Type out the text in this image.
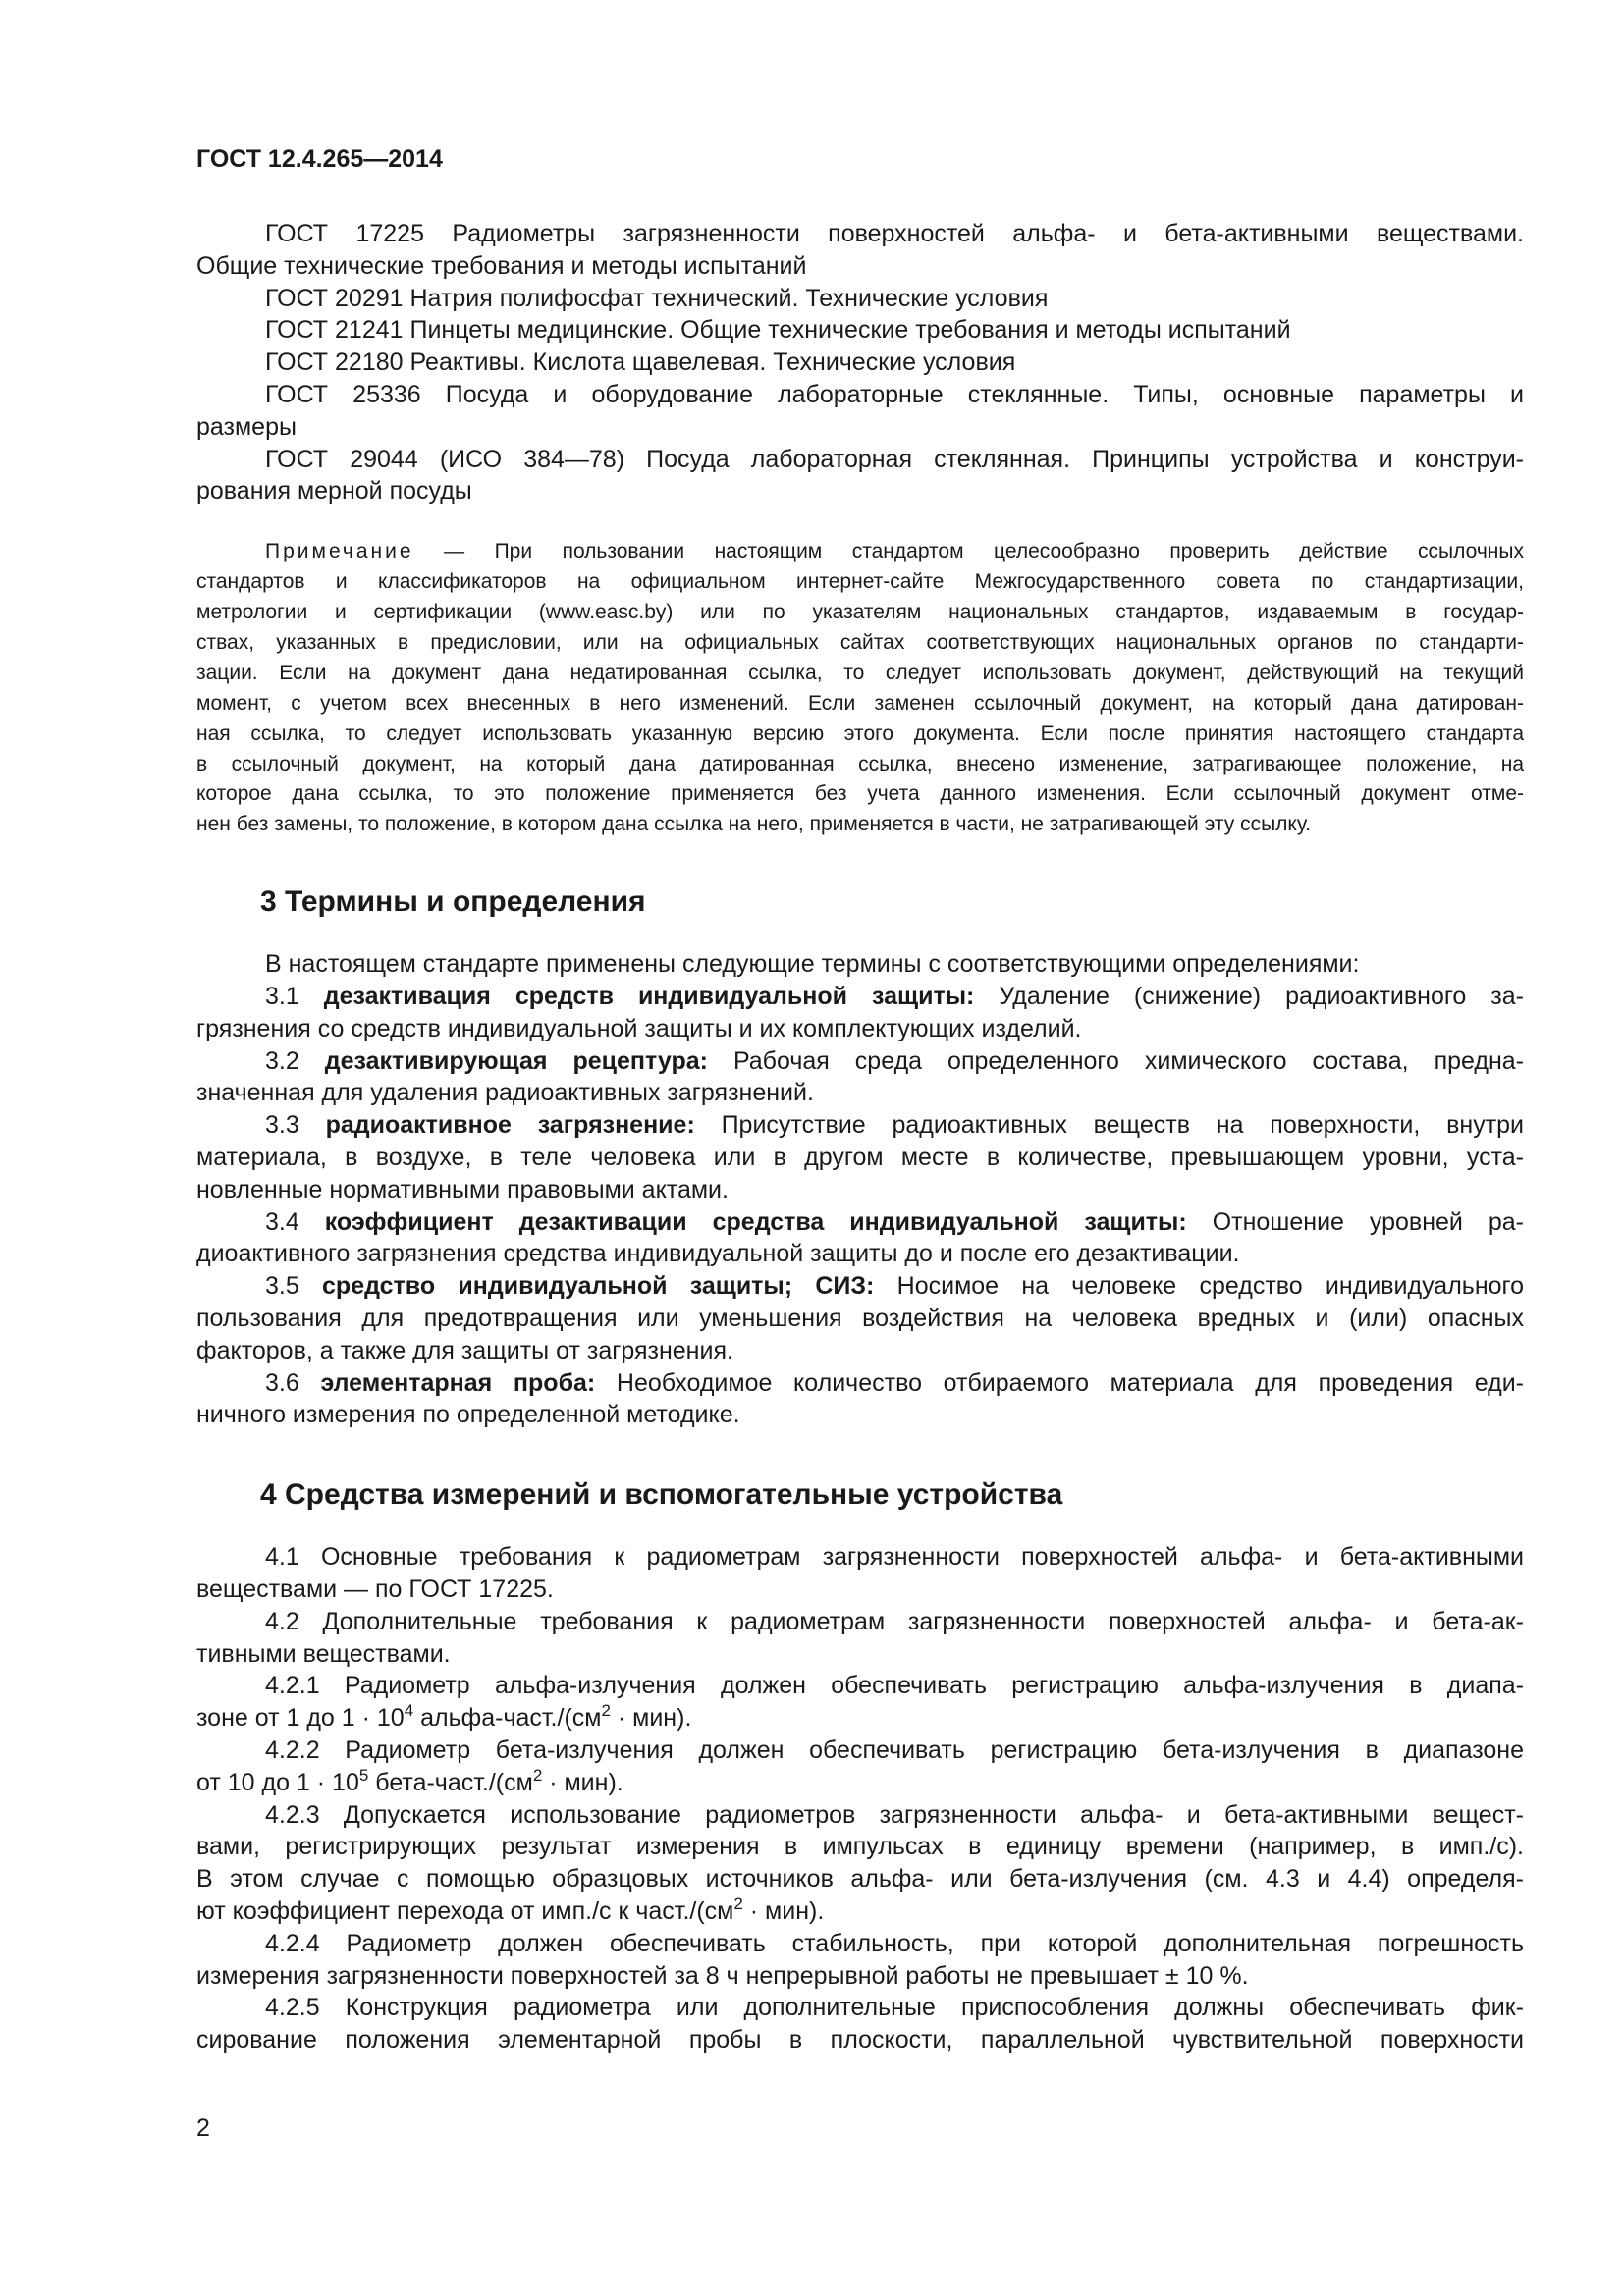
ГОСТ 12.4.265—2014

ГОСТ 17225 Радиометры загрязненности поверхностей альфа- и бета-активными веществами.
Общие технические требования и методы испытаний

ГОСТ 20291 Натрия полифосфат технический. Технические условия

ГОСТ 21241 Пинцеты медицинские. Общие технические требования и методы испытаний

ГОСТ 22180 Реактивы. Кислота щавелевая. Технические условия

ГОСТ 25336 Посуда и оборудование лабораторные стеклянные. Типы, основные параметры и
размеры

ГОСТ 29044 (ИСО 384—78) Посуда лабораторная стеклянная. Принципы устройства и конструи-
рования мерной посуды

Примечание — При пользовании настоящим стандартом целесообразно проверить действие ссылочных
стандартов и классификаторов на официальном интернет-сайте Межгосударственного совета по стандартизации,
метрологии и сертификации (www.easc.by) или по указателям национальных стандартов, издаваемым в государ-
ствах, указанных в предисловии, или на официальных сайтах соответствующих национальных органов по стандарти-
зации. Если на документ дана недатированная ссылка, то следует использовать документ, действующий на текущий
момент, с учетом всех внесенных в него изменений. Если заменен ссылочный документ, на который дана датирован-
ная ссылка, то следует использовать указанную версию этого документа. Если после принятия настоящего стандарта
в ссылочный документ, на который дана датированная ссылка, внесено изменение, затрагивающее положение, на
которое дана ссылка, то это положение применяется без учета данного изменения. Если ссылочный документ отме-
нен без замены, то положение, в котором дана ссылка на него, применяется в части, не затрагивающей эту ссылку.
3 Термины и определения

В настоящем стандарте применены следующие термины с соответствующими определениями:

3.1 дезактивация средств индивидуальной защиты: Удаление (снижение) радиоактивного за-
грязнения со средств индивидуальной защиты и их комплектующих изделий.

3.2 дезактивирующая рецептура: Рабочая среда определенного химического состава, предна-
значенная для удаления радиоактивных загрязнений.

3.3 радиоактивное загрязнение: Присутствие радиоактивных веществ на поверхности, внутри
материала, в воздухе, в теле человека или в другом месте в количестве, превышающем уровни, уста-
новленные нормативными правовыми актами.

3.4 коэффициент дезактивации средства индивидуальной защиты: Отношение уровней ра-
диоактивного загрязнения средства индивидуальной защиты до и после его дезактивации.

3.5 средство индивидуальной защиты; СИЗ: Носимое на человеке средство индивидуального
пользования для предотвращения или уменьшения воздействия на человека вредных и (или) опасных
факторов, а также для защиты от загрязнения.

3.6 элементарная проба: Необходимое количество отбираемого материала для проведения еди-
ничного измерения по определенной методике.

4 Средства измерений и вспомогательные устройства

4.1 Основные требования к радиометрам загрязненности поверхностей альфа- и бета-активными
веществами — по ГОСТ 17225.

4.2 Дополнительные требования к радиометрам загрязненности поверхностей альфа- и бета-ак-
тивными веществами.

4.2.1 Радиометр альфа-излучения должен обеспечивать регистрацию альфа-излучения в диапа-
зоне от 1 до $1 \cdot 10^4$ альфа-$част./(см^2 \cdot мин)$.

4.2.2 Радиометр бета-излучения должен обеспечивать регистрацию бета-излучения в диапазоне
от 10 до $1 \cdot 10^5$ бета-$част./(см^2 \cdot мин)$.

4.2.3 Допускается использование радиометров загрязненности альфа- и бета-активными вещест-
вами, регистрирующих результат измерения в импульсах в единицу времени (например, в имп./с).
В этом случае с помощью образцовых источников альфа- или бета-излучения (см. 4.3 и 4.4) определя-
ют коэффициент перехода от имп./с к $част./(см^2 \cdot мин)$.

4.2.4 Радиометр должен обеспечивать стабильность, при которой дополнительная погрешность
измерения загрязненности поверхностей за 8 ч непрерывной работы не превышает ± 10 %.

4.2.5 Конструкция радиометра или дополнительные приспособления должны обеспечивать фик-
сирование положения элементарной пробы в плоскости, параллельной чувствительной поверхности

2
